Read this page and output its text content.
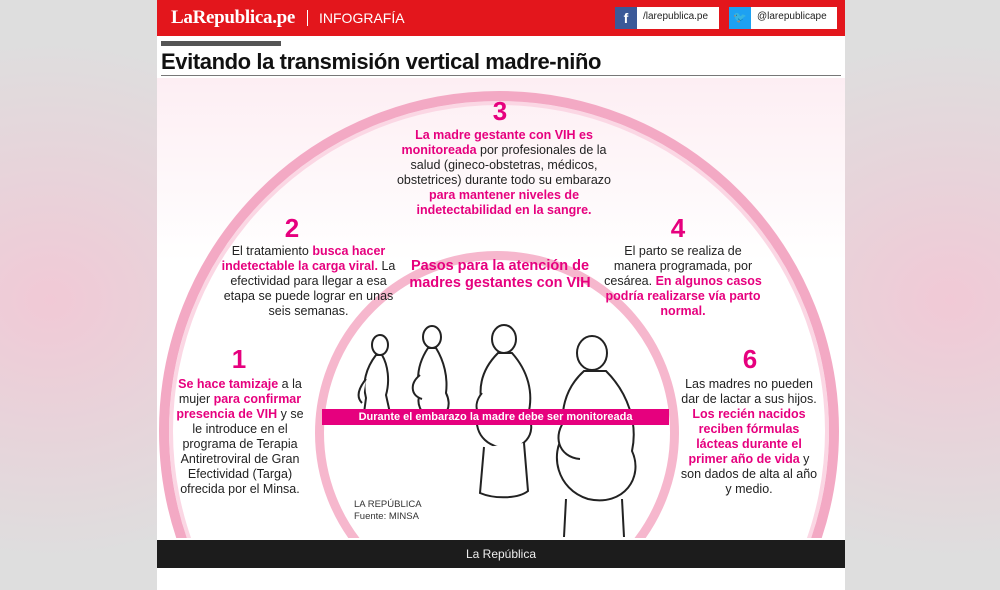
LaRepublica.pe INFOGRAFÍA	f	/larepublica.pe	🐦	@larepublicape
Evitando la transmisión vertical madre-niño
3
La madre gestante con VIH es monitoreada por profesionales de la salud (gineco-obstetras, médicos, obstetrices) durante todo su embarazo para mantener niveles de indetectabilidad en la sangre.
2
El tratamiento busca hacer indetectable la carga viral. La efectividad para llegar a esa etapa se puede lograr en unas seis semanas.
4
El parto se realiza de manera programada, por cesárea. En algunos casos podría realizarse vía parto normal.
1
Se hace tamizaje a la mujer para confirmar presencia de VIH y se le introduce en el programa de Terapia Antiretroviral de Gran Efectividad (Targa) ofrecida por el Minsa.
6
Las madres no pueden dar de lactar a sus hijos. Los recién nacidos reciben fórmulas lácteas durante el primer año de vida y son dados de alta al año y medio.
Pasos para la atención de madres gestantes con VIH
Durante el embarazo la madre debe ser monitoreada
LA REPÚBLICA
Fuente: MINSA
La República
